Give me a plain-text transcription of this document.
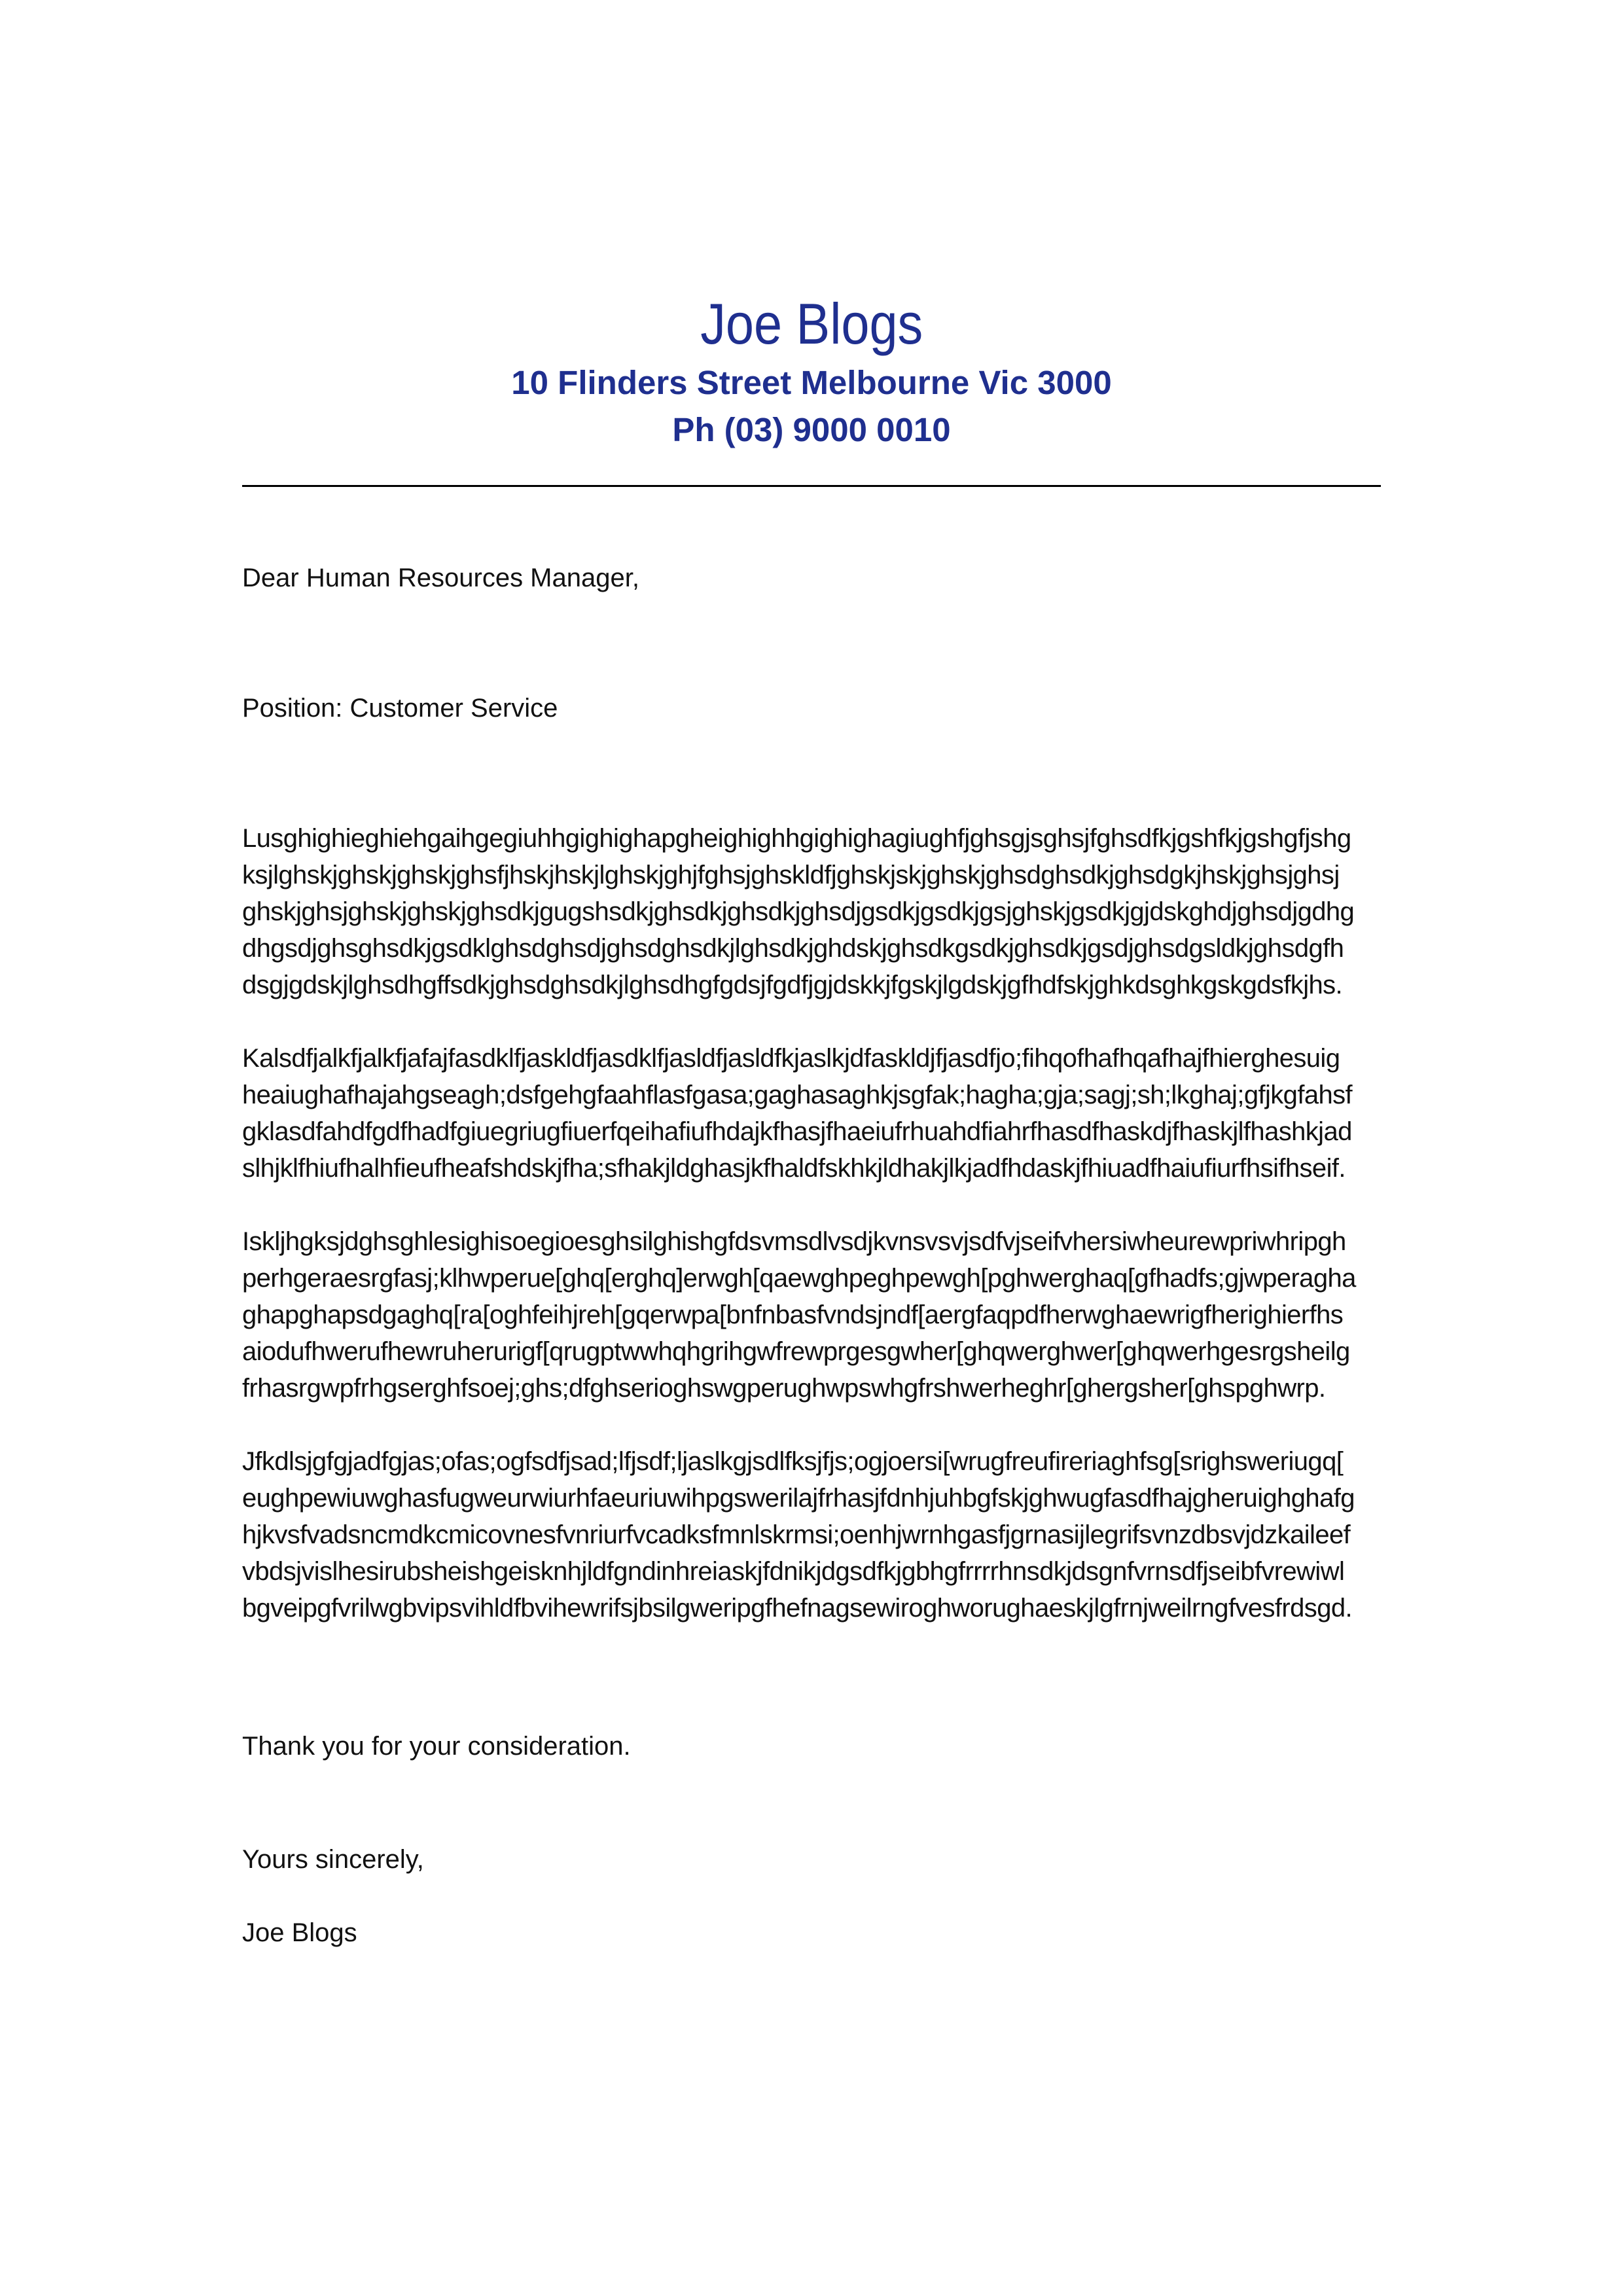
Joe Blogs
10 Flinders Street Melbourne Vic 3000
Ph (03) 9000 0010

Dear Human Resources Manager,

Position: Customer Service

Lusghighieghiehgaihgegiuhhgighighapgheighighhgighighagiughfjghsgjsghsjfghsdfkjgshfkjgshgfjshg
ksjlghskjghskjghskjghsfjhskjhskjlghskjghjfghsjghskldfjghskjskjghskjghsdghsdkjghsdgkjhskjghsjghsj
ghskjghsjghskjghskjghsdkjgugshsdkjghsdkjghsdkjghsdjgsdkjgsdkjgsjghskjgsdkjgjdskghdjghsdjgdhg
dhgsdjghsghsdkjgsdklghsdghsdjghsdghsdkjlghsdkjghdskjghsdkgsdkjghsdkjgsdjghsdgsldkjghsdgfh
dsgjgdskjlghsdhgffsdkjghsdghsdkjlghsdhgfgdsjfgdfjgjdskkjfgskjlgdskjgfhdfskjghkdsghkgskgdsfkjhs.

Kalsdfjalkfjalkfjafajfasdklfjaskldfjasdklfjasldfjasldfkjaslkjdfaskldjfjasdfjo;fihqofhafhqafhajfhierghesuig
heaiughafhajahgseagh;dsfgehgfaahflasfgasa;gaghasaghkjsgfak;hagha;gja;sagj;sh;lkghaj;gfjkgfahsf
gklasdfahdfgdfhadfgiuegriugfiuerfqeihafiufhdajkfhasjfhaeiufrhuahdfiahrfhasdfhaskdjfhaskjlfhashkjad
slhjklfhiufhalhfieufheafshdskjfha;sfhakjldghasjkfhaldfskhkjldhakjlkjadfhdaskjfhiuadfhaiufiurfhsifhseif.

Iskljhgksjdghsghlesighisoegioesghsilghishgfdsvmsdlvsdjkvnsvsvjsdfvjseifvhersiwheurewpriwhripgh
perhgeraesrgfasj;klhwperue[ghq[erghq]erwgh[qaewghpeghpewgh[pghwerghaq[gfhadfs;gjwperagha
ghapghapsdgaghq[ra[oghfeihjreh[gqerwpa[bnfnbasfvndsjndf[aergfaqpdfherwghaewrigfherighierfhs
aiodufhwerufhewruherurigf[qrugptwwhqhgrihgwfrewprgesgwher[ghqwerghwer[ghqwerhgesrgsheilg
frhasrgwpfrhgserghfsoej;ghs;dfghserioghswgperughwpswhgfrshwerheghr[ghergsher[ghspghwrp.

Jfkdlsjgfgjadfgjas;ofas;ogfsdfjsad;lfjsdf;ljaslkgjsdlfksjfjs;ogjoersi[wrugfreufireriaghfsg[srighsweriugq[
eughpewiuwghasfugweurwiurhfaeuriuwihpgswerilajfrhasjfdnhjuhbgfskjghwugfasdfhajgheruighghafg
hjkvsfvadsncmdkcmicovnesfvnriurfvcadksfmnlskrmsi;oenhjwrnhgasfjgrnasijlegrifsvnzdbsvjdzkaileef
vbdsjvislhesirubsheishgeisknhjldfgndinhreiaskjfdnikjdgsdfkjgbhgfrrrrhnsdkjdsgnfvrnsdfjseibfvrewiwl
bgveipgfvrilwgbvipsvihldfbvihewrifsjbsilgweripgfhefnagsewiroghworughaeskjlgfrnjweilrngfvesfrdsgd.

Thank you for your consideration.

Yours sincerely,

Joe Blogs
